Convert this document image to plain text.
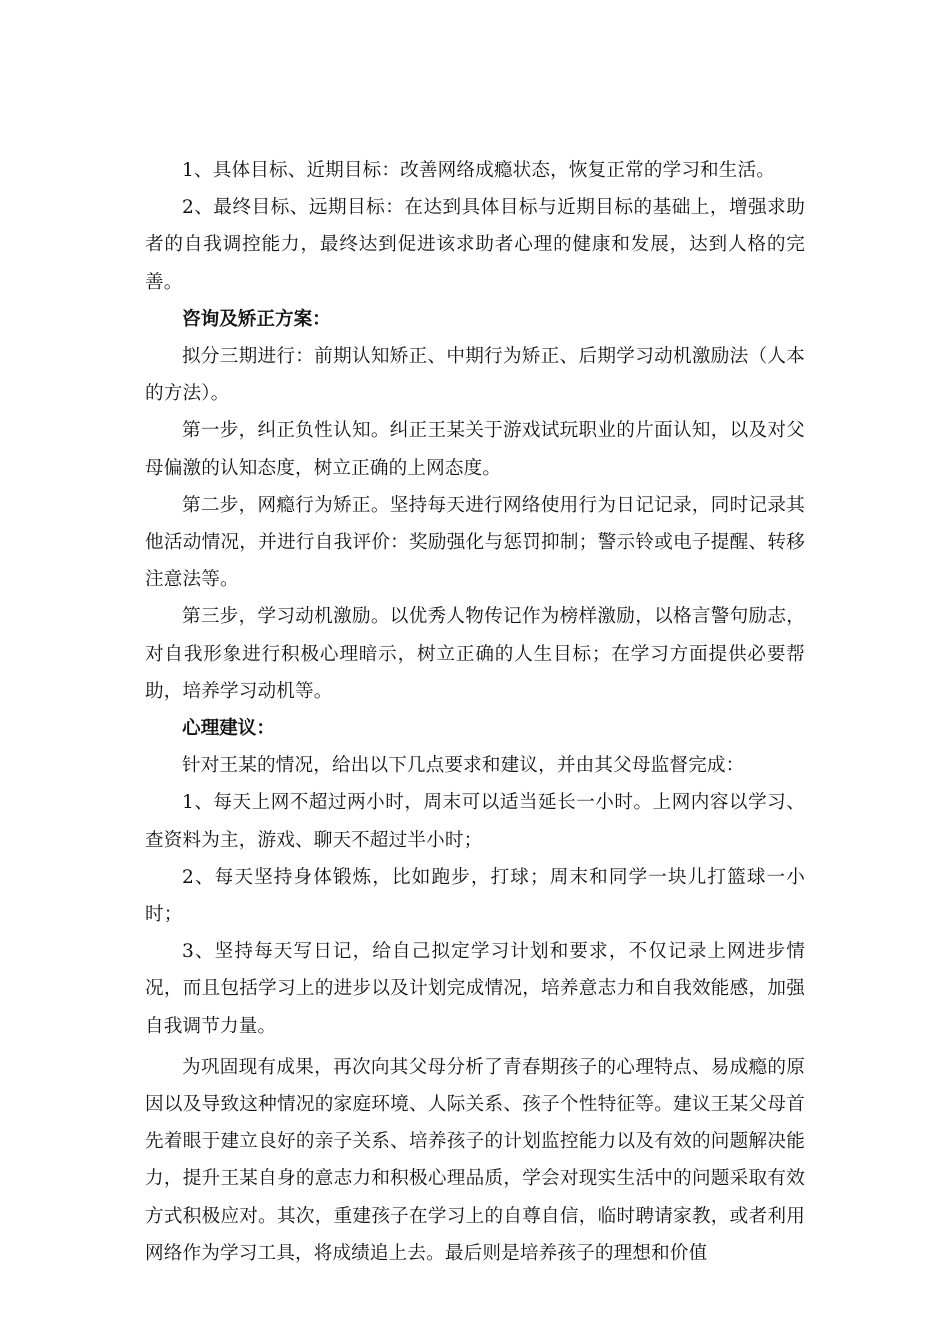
1、具体目标、近期目标：改善网络成瘾状态，恢复正常的学习和生活。

2、最终目标、远期目标：在达到具体目标与近期目标的基础上，增强求助者的自我调控能力，最终达到促进该求助者心理的健康和发展，达到人格的完善。

咨询及矫正方案：

拟分三期进行：前期认知矫正、中期行为矫正、后期学习动机激励法（人本的方法）。

第一步，纠正负性认知。纠正王某关于游戏试玩职业的片面认知，以及对父母偏激的认知态度，树立正确的上网态度。

第二步，网瘾行为矫正。坚持每天进行网络使用行为日记记录，同时记录其他活动情况，并进行自我评价：奖励强化与惩罚抑制；警示铃或电子提醒、转移注意法等。

第三步，学习动机激励。以优秀人物传记作为榜样激励，以格言警句励志，对自我形象进行积极心理暗示，树立正确的人生目标；在学习方面提供必要帮助，培养学习动机等。

心理建议：

针对王某的情况，给出以下几点要求和建议，并由其父母监督完成：

1、每天上网不超过两小时，周末可以适当延长一小时。上网内容以学习、查资料为主，游戏、聊天不超过半小时；

2、每天坚持身体锻炼，比如跑步，打球；周末和同学一块儿打篮球一小时；

3、坚持每天写日记，给自己拟定学习计划和要求，不仅记录上网进步情况，而且包括学习上的进步以及计划完成情况，培养意志力和自我效能感，加强自我调节力量。

为巩固现有成果，再次向其父母分析了青春期孩子的心理特点、易成瘾的原因以及导致这种情况的家庭环境、人际关系、孩子个性特征等。建议王某父母首先着眼于建立良好的亲子关系、培养孩子的计划监控能力以及有效的问题解决能力，提升王某自身的意志力和积极心理品质，学会对现实生活中的问题采取有效方式积极应对。其次，重建孩子在学习上的自尊自信，临时聘请家教，或者利用网络作为学习工具，将成绩追上去。最后则是培养孩子的理想和价值
